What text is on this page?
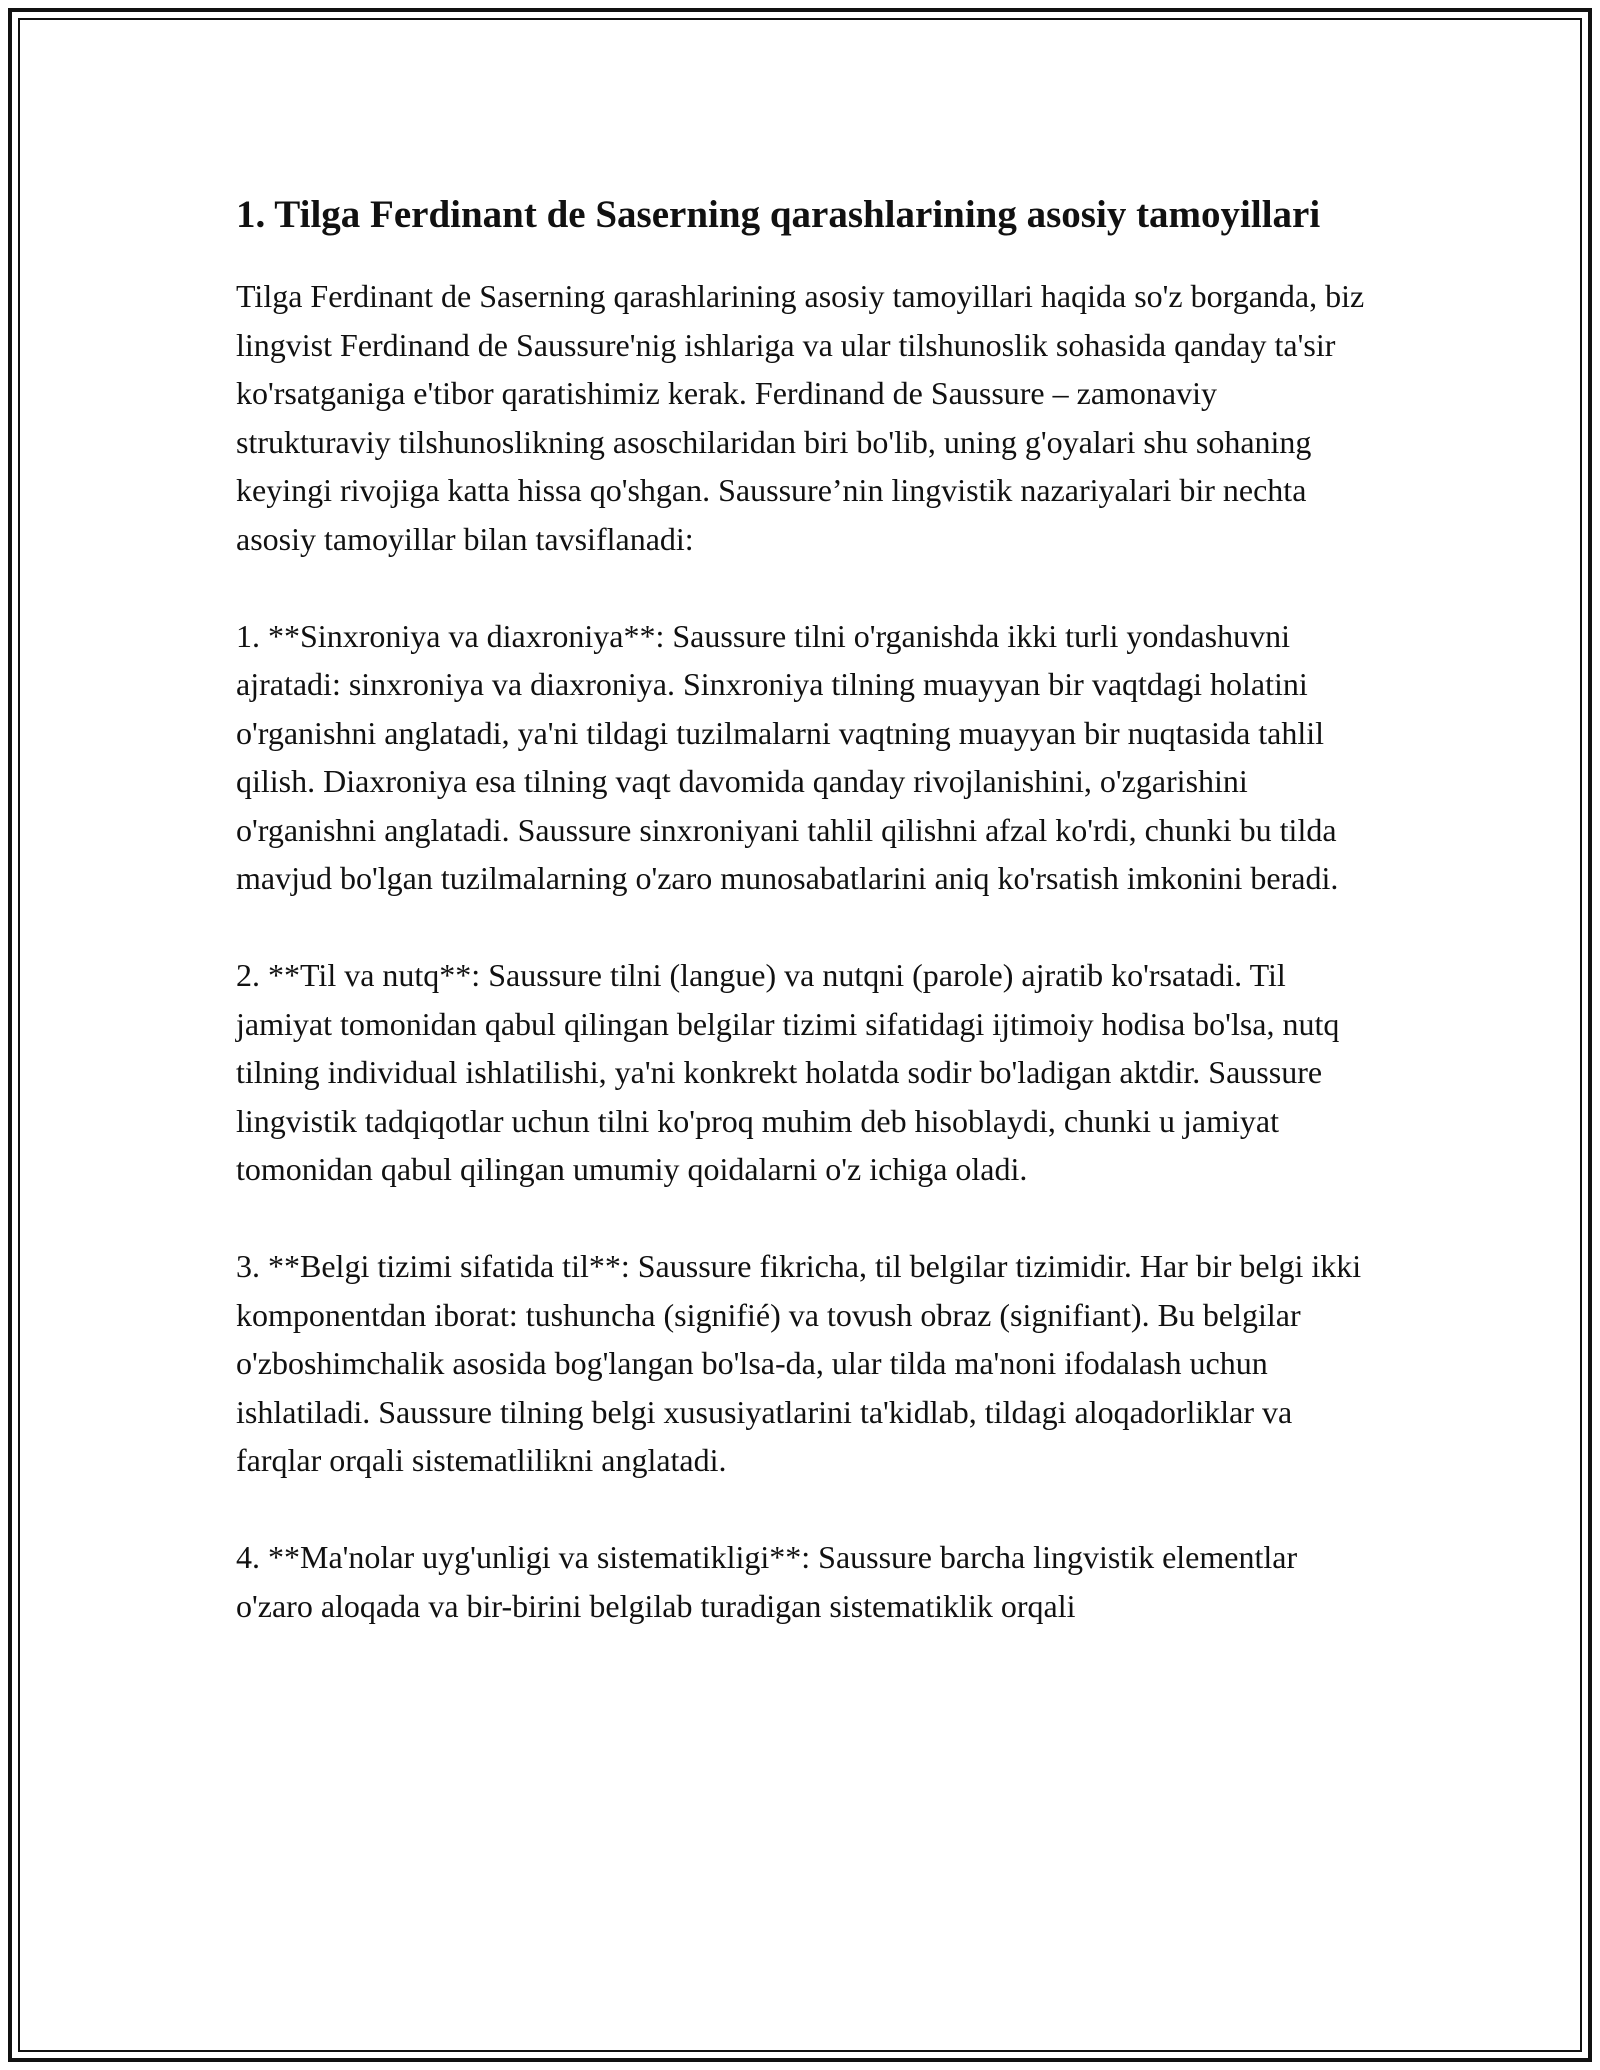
1. Tilga Ferdinant de Saserning qarashlarining asosiy tamoyillari

Tilga Ferdinant de Saserning qarashlarining asosiy tamoyillari haqida so'z borganda, biz lingvist Ferdinand de Saussure'nig ishlariga va ular tilshunoslik sohasida qanday ta'sir ko'rsatganiga e'tibor qaratishimiz kerak. Ferdinand de Saussure – zamonaviy strukturaviy tilshunoslikning asoschilaridan biri bo'lib, uning g'oyalari shu sohaning keyingi rivojiga katta hissa qo'shgan. Saussure’nin lingvistik nazariyalari bir nechta asosiy tamoyillar bilan tavsiflanadi:

1. **Sinxroniya va diaxroniya**: Saussure tilni o'rganishda ikki turli yondashuvni ajratadi: sinxroniya va diaxroniya. Sinxroniya tilning muayyan bir vaqtdagi holatini o'rganishni anglatadi, ya'ni tildagi tuzilmalarni vaqtning muayyan bir nuqtasida tahlil qilish. Diaxroniya esa tilning vaqt davomida qanday rivojlanishini, o'zgarishini o'rganishni anglatadi. Saussure sinxroniyani tahlil qilishni afzal ko'rdi, chunki bu tilda mavjud bo'lgan tuzilmalarning o'zaro munosabatlarini aniq ko'rsatish imkonini beradi.

2. **Til va nutq**: Saussure tilni (langue) va nutqni (parole) ajratib ko'rsatadi. Til jamiyat tomonidan qabul qilingan belgilar tizimi sifatidagi ijtimoiy hodisa bo'lsa, nutq tilning individual ishlatilishi, ya'ni konkrekt holatda sodir bo'ladigan aktdir. Saussure lingvistik tadqiqotlar uchun tilni ko'proq muhim deb hisoblaydi, chunki u jamiyat tomonidan qabul qilingan umumiy qoidalarni o'z ichiga oladi.

3. **Belgi tizimi sifatida til**: Saussure fikricha, til belgilar tizimidir. Har bir belgi ikki komponentdan iborat: tushuncha (signifié) va tovush obraz (signifiant). Bu belgilar o'zboshimchalik asosida bog'langan bo'lsa-da, ular tilda ma'noni ifodalash uchun ishlatiladi. Saussure tilning belgi xususiyatlarini ta'kidlab, tildagi aloqadorliklar va farqlar orqali sistematlilikni anglatadi.

4. **Ma'nolar uyg'unligi va sistematikligi**: Saussure barcha lingvistik elementlar o'zaro aloqada va bir-birini belgilab turadigan sistematiklik orqali
